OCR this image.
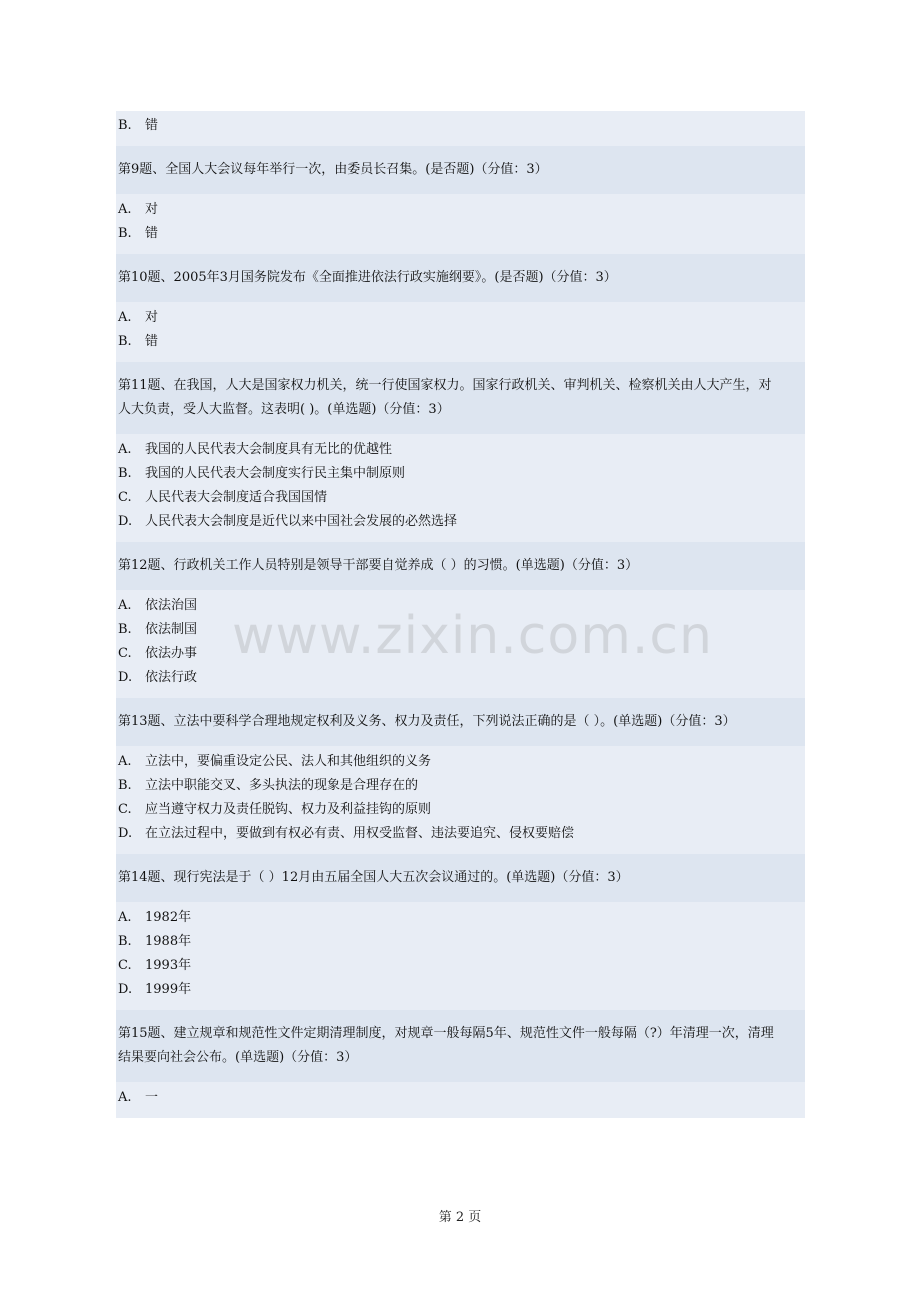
B.	错
第9题、全国人大会议每年举行一次，由委员长召集。(是否题)（分值：3）
A.	对
B.	错
第10题、2005年3月国务院发布《全面推进依法行政实施纲要》。(是否题)（分值：3）
A.	对
B.	错
第11题、在我国，人大是国家权力机关，统一行使国家权力。国家行政机关、审判机关、检察机关由人大产生，对
人大负责，受人大监督。这表明( )。(单选题)（分值：3）
A.	我国的人民代表大会制度具有无比的优越性
B.	我国的人民代表大会制度实行民主集中制原则
C.	人民代表大会制度适合我国国情
D. 人民代表大会制度是近代以来中国社会发展的必然选择
第12题、行政机关工作人员特别是领导干部要自觉养成（ ）的习惯。(单选题)（分值：3）
A.	依法治国
B.	依法制国
C.	依法办事
D. 依法行政
第13题、立法中要科学合理地规定权利及义务、权力及责任，下列说法正确的是（ ）。(单选题)（分值：3）
A.	立法中，要偏重设定公民、法人和其他组织的义务
B.	立法中职能交叉、多头执法的现象是合理存在的
C.	应当遵守权力及责任脱钩、权力及利益挂钩的原则
D. 在立法过程中，要做到有权必有责、用权受监督、违法要追究、侵权要赔偿
第14题、现行宪法是于（ ）12月由五届全国人大五次会议通过的。(单选题)（分值：3）
A.	1982年
B.	1988年
C.	1993年
D. 1999年
第15题、建立规章和规范性文件定期清理制度，对规章一般每隔5年、规范性文件一般每隔（?）年清理一次，清理
结果要向社会公布。(单选题)（分值：3）
A.	一
www.zixin.com.cn
第 2 页
